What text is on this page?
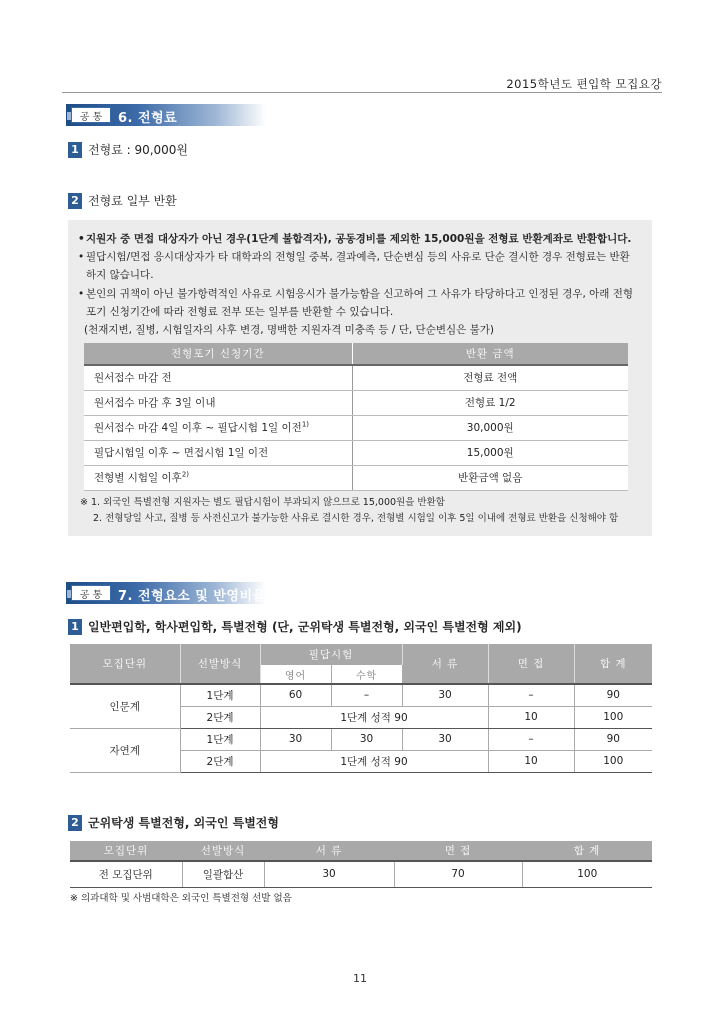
2015학년도 편입학 모집요강
공 통	6. 전형료
1 전형료 : 90,000원
2 전형료 일부 반환
•지원자 중 면접 대상자가 아닌 경우(1단계 불합격자), 공동경비를 제외한 15,000원을 전형료 반환계좌로 반환합니다.
• 필답시험/면접 응시대상자가 타 대학과의 전형일 중복, 결과예측, 단순변심 등의 사유로 단순 결시한 경우 전형료는 반환
하지 않습니다.
• 본인의 귀책이 아닌 불가항력적인 사유로 시험응시가 불가능함을 신고하여 그 사유가 타당하다고 인정된 경우, 아래 전형
포기 신청기간에 따라 전형료 전부 또는 일부를 반환할 수 있습니다.
(천재지변, 질병, 시험일자의 사후 변경, 명백한 지원자격 미충족 등 / 단, 단순변심은 불가)
전형포기 신청기간	반환 금액
원서접수 마감 전	전형료 전액
원서접수 마감 후 3일 이내	전형료 1/2
원서접수 마감 4일 이후 ~ 필답시험 1일 이전$^{1)}$	30,000원
필답시험일 이후 ~ 면접시험 1일 이전	15,000원
전형별 시험일 이후$^{2)}$	반환금액 없음
※ 1. 외국인 특별전형 지원자는 별도 필답시험이 부과되지 않으므로 15,000원을 반환함
2. 전형당일 사고, 질병 등 사전신고가 불가능한 사유로 결시한 경우, 전형별 시험일 이후 5일 이내에 전형료 반환을 신청해야 함
공 통	7. 전형요소 및 반영비율
1 일반편입학, 학사편입학, 특별전형 (단, 군위탁생 특별전형, 외국인 특별전형 제외)
모집단위	선발방식	필답시험		서 류	면 접	합 계
		영어	수학			
인문계	1단계	60	–	30	–	90
	2단계	1단계 성적 90			10	100
자연계	1단계	30	30	30	–	90
	2단계	1단계 성적 90			10	100
2 군위탁생 특별전형, 외국인 특별전형
모집단위	선발방식	서 류	면 접	합 계
전 모집단위	일괄합산	30	70	100
※ 의과대학 및 사범대학은 외국인 특별전형 선발 없음
11
